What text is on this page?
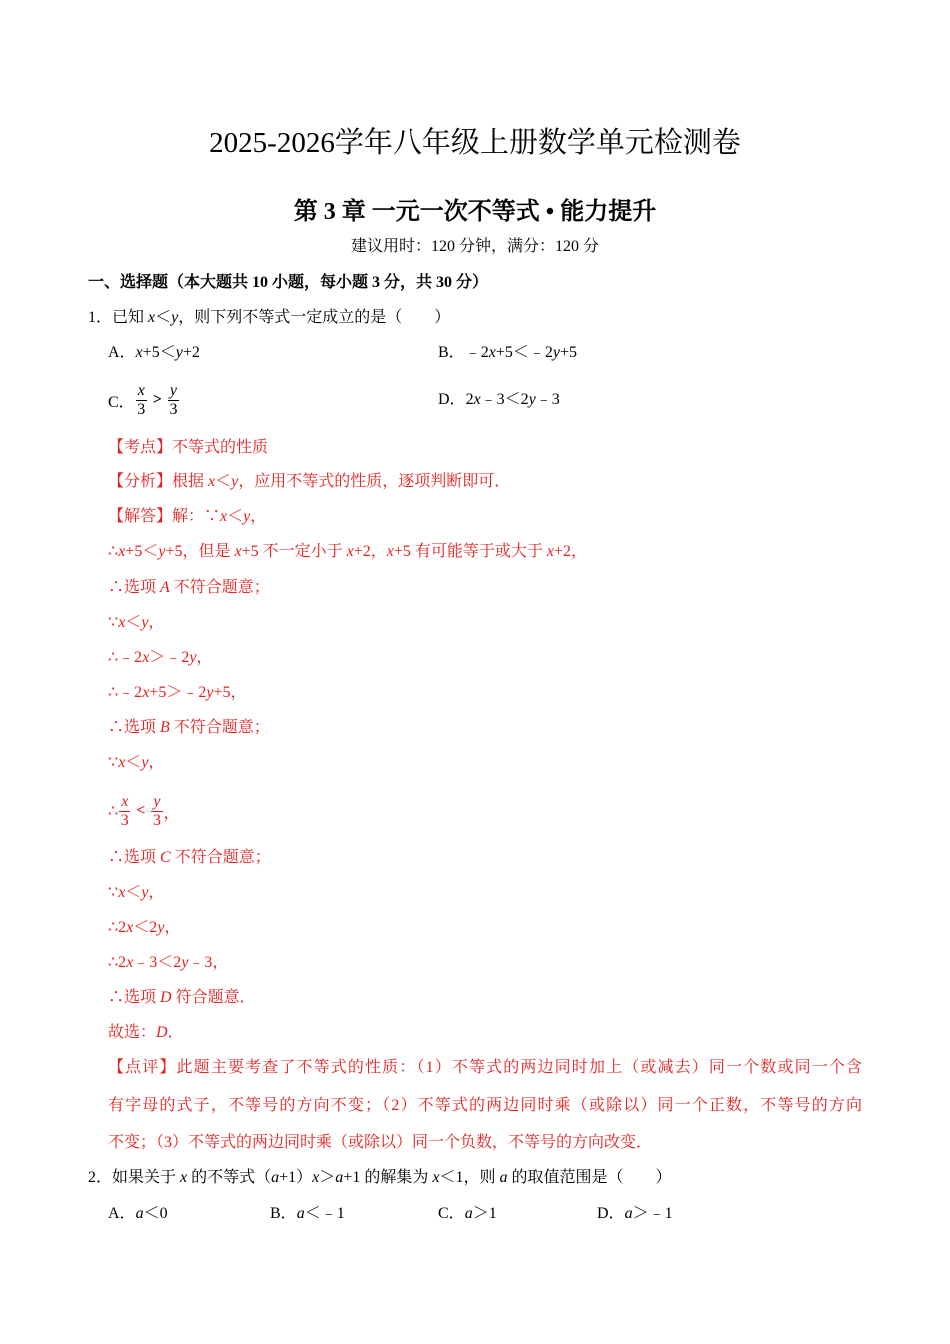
2025-2026学年八年级上册数学单元检测卷
第 3 章 一元一次不等式 • 能力提升
建议用时：120 分钟，满分：120 分
一、选择题（本大题共 10 小题，每小题 3 分，共 30 分）
1．已知 x＜y，则下列不等式一定成立的是（　　）
A．x+5＜y+2	B．﹣2x+5＜﹣2y+5
C． $\frac{x}{3} > \frac{y}{3}$	D．2x﹣3＜2y﹣3
【考点】不等式的性质
【分析】根据 x＜y，应用不等式的性质，逐项判断即可．
【解答】解：∵x＜y，
∴x+5＜y+5，但是 x+5 不一定小于 x+2，x+5 有可能等于或大于 x+2，
∴选项 A 不符合题意；
∵x＜y，
∴﹣2x＞﹣2y，
∴﹣2x+5＞﹣2y+5，
∴选项 B 不符合题意；
∵x＜y，
∴ $\frac{x}{3} < \frac{y}{3}$ ，
∴选项 C 不符合题意；
∵x＜y，
∴2x＜2y，
∴2x﹣3＜2y﹣3，
∴选项 D 符合题意．
故选：D．
【点评】此题主要考查了不等式的性质：（1）不等式的两边同时加上（或减去）同一个数或同一个含
有字母的式子，不等号的方向不变；（2）不等式的两边同时乘（或除以）同一个正数，不等号的方向
不变；（3）不等式的两边同时乘（或除以）同一个负数，不等号的方向改变．
2．如果关于 x 的不等式（a+1）x＞a+1 的解集为 x＜1，则 a 的取值范围是（　　）
A．a＜0	B．a＜﹣1	C．a＞1	D．a＞﹣1
